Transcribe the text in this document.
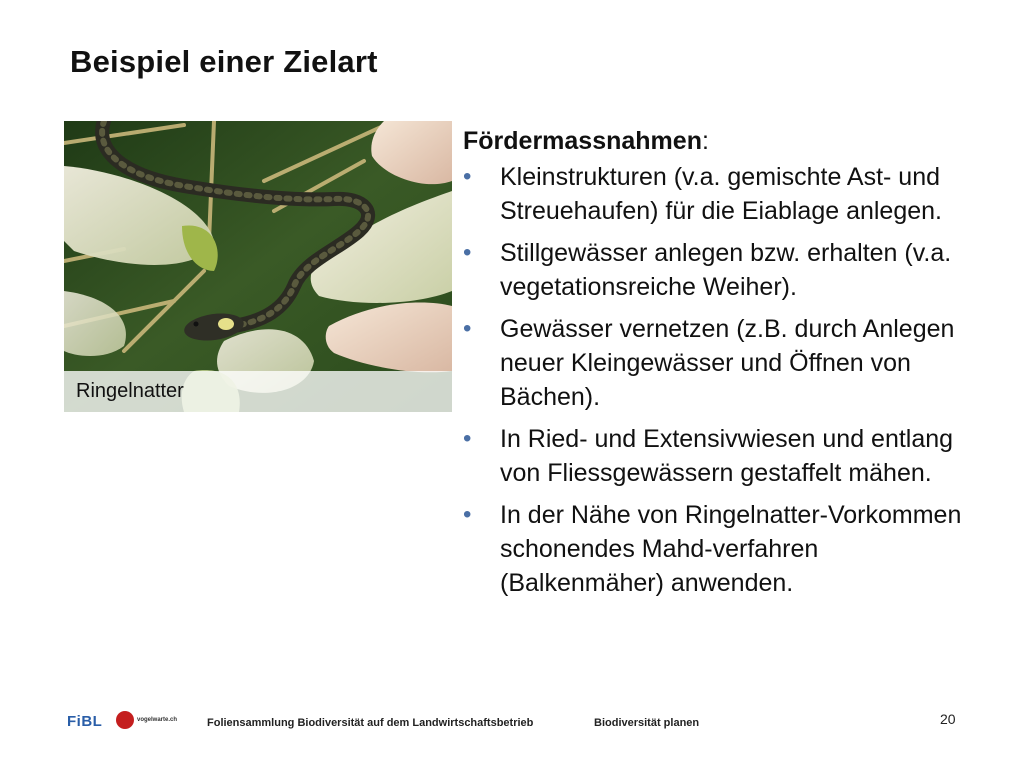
Beispiel einer Zielart
Ringelnatter
Fördermassnahmen:
• Kleinstrukturen (v.a. gemischte Ast- und Streuehaufen) für die Eiablage anlegen.
• Stillgewässer anlegen bzw. erhalten (v.a. vegetationsreiche Weiher).
• Gewässer vernetzen (z.B. durch Anlegen neuer Kleingewässer und Öffnen von Bächen).
• In Ried- und Extensivwiesen und entlang von Fliessgewässern gestaffelt mähen.
• In der Nähe von Ringelnatter-Vorkommen schonendes Mahd-verfahren (Balkenmäher) anwenden.
FiBL	vogelwarte.ch	Foliensammlung Biodiversität auf dem Landwirtschaftsbetrieb	Biodiversität planen	20
